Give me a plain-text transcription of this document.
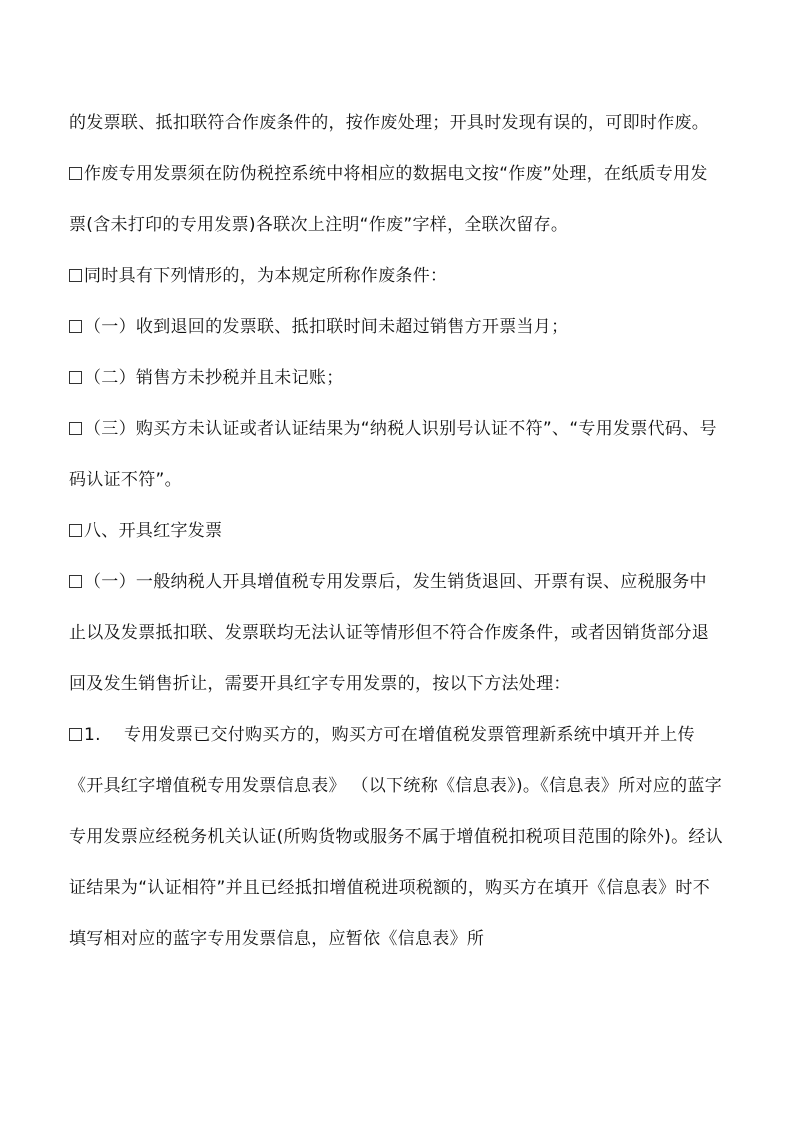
的发票联、抵扣联符合作废条件的，按作废处理；开具时发现有误的，可即时作废。

作废专用发票须在防伪税控系统中将相应的数据电文按“作废”处理，在纸质专用发票(含未打印的专用发票)各联次上注明“作废”字样，全联次留存。

同时具有下列情形的，为本规定所称作废条件：

（一）收到退回的发票联、抵扣联时间未超过销售方开票当月；

（二）销售方未抄税并且未记账；

（三）购买方未认证或者认证结果为“纳税人识别号认证不符”、“专用发票代码、号码认证不符”。

八、开具红字发票

（一）一般纳税人开具增值税专用发票后，发生销货退回、开票有误、应税服务中止以及发票抵扣联、发票联均无法认证等情形但不符合作废条件，或者因销货部分退回及发生销售折让，需要开具红字专用发票的，按以下方法处理：

1. 专用发票已交付购买方的，购买方可在增值税发票管理新系统中填开并上传《开具红字增值税专用发票信息表》 （以下统称《信息表》)。《信息表》所对应的蓝字专用发票应经税务机关认证(所购货物或服务不属于增值税扣税项目范围的除外)。经认证结果为“认证相符”并且已经抵扣增值税进项税额的，购买方在填开《信息表》时不填写相对应的蓝字专用发票信息，应暂依《信息表》所
